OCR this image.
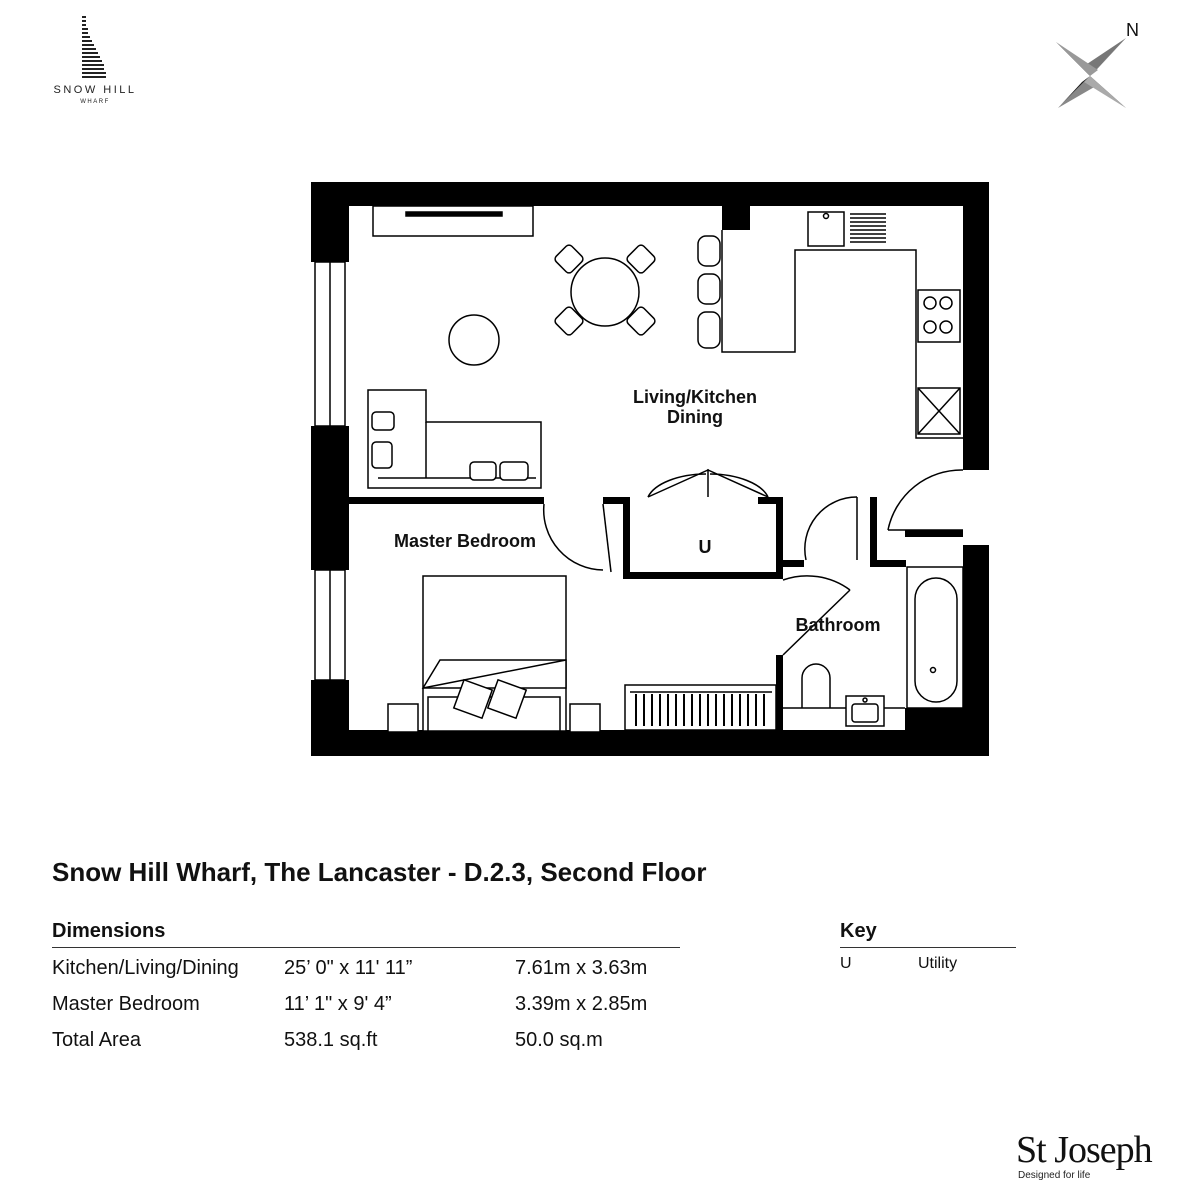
SNOW HILL
WHARF
N
Living/Kitchen
Dining
Master Bedroom	U
Bathroom
Snow Hill Wharf, The Lancaster - D.2.3, Second Floor
Dimensions
Kitchen/Living/Dining 25’ 0" x 11' 11”	7.61m x 3.63m
Master Bedroom	11’ 1" x 9' 4”	3.39m x 2.85m
Total Area	538.1 sq.ft	50.0 sq.m
Key
U	Utility
St Joseph
Designed for life
